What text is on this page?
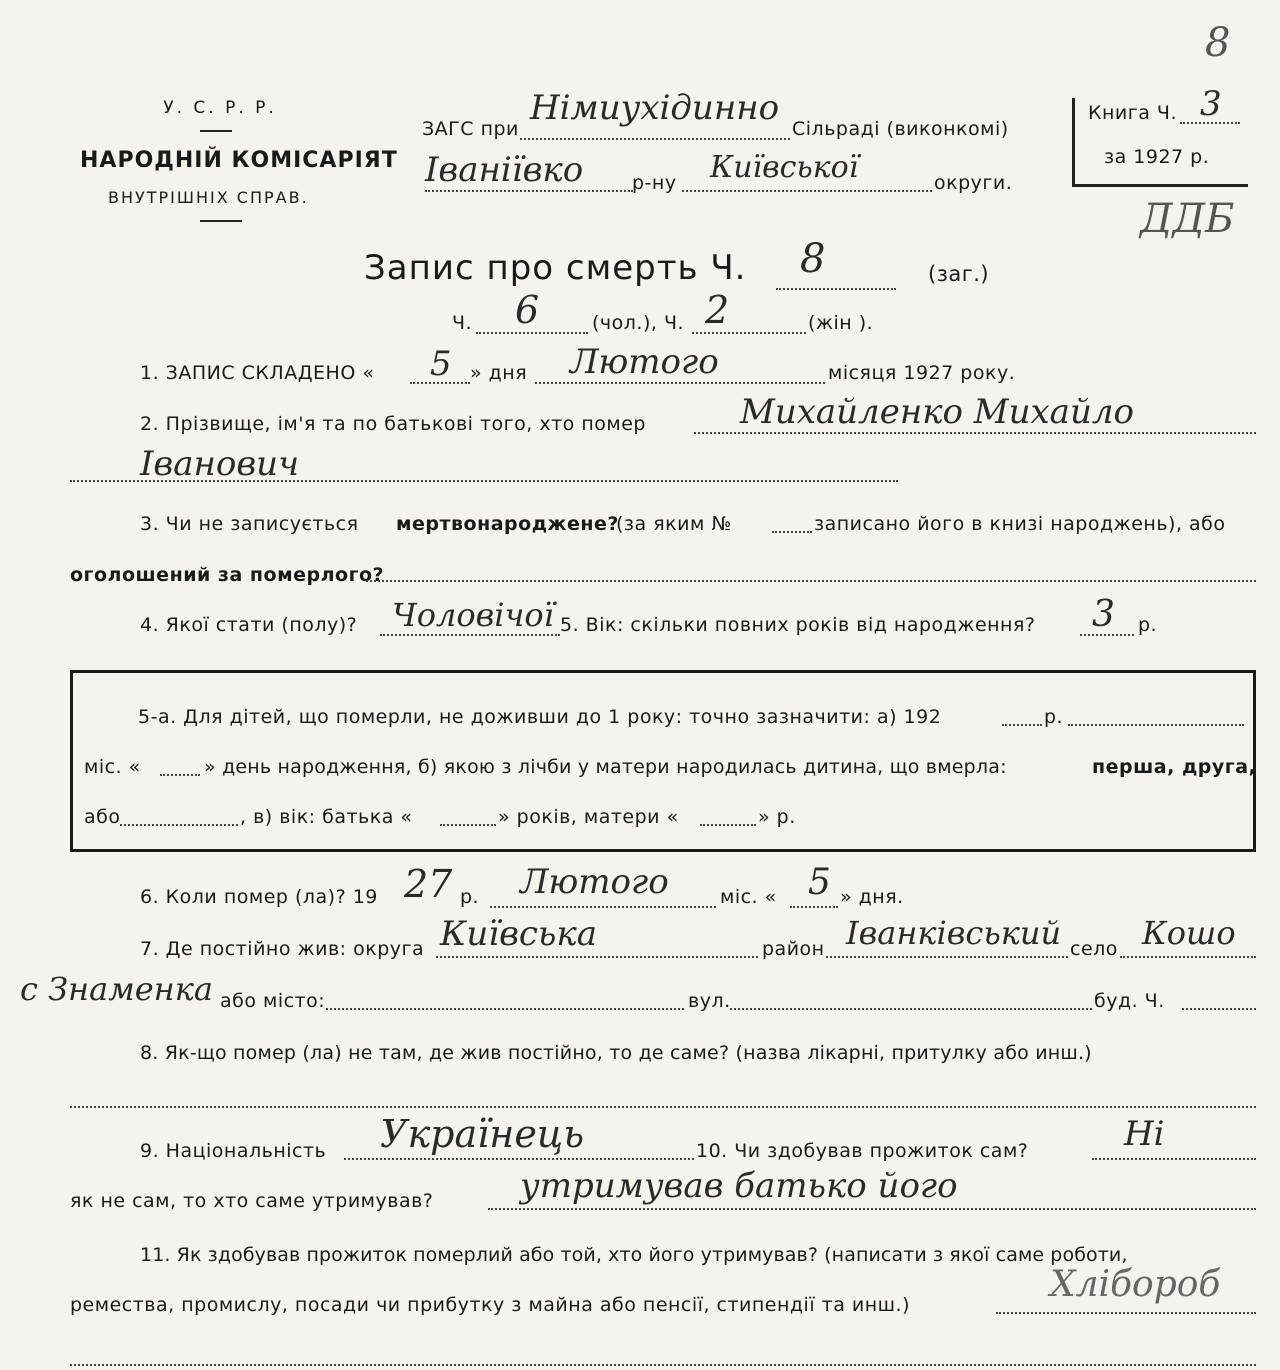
У. С. Р. Р.
НАРОДНІЙ КОМІСАРІЯТ
ВНУТРІШНІХ СПРАВ.
ЗАГС при
Німиухідинно
Сільраді (виконкомі)
Іваніївко	р-ну Київської	округи.
Книга Ч. 3
за 1927 р.
8
ДДБ
Запис про смерть Ч. 8	(заг.)
Ч. 6	(чол.), Ч. 2	(жін ).
1. ЗАПИС СКЛАДЕНО « 5 » дня Лютого	місяця 1927 року.
2. Прізвище, ім'я та по батькові того, хто помер	Михайленко Михайло
Іванович
3. Чи не записується мертвонароджене?
(за яким №	записано його в книзі народжень), або
оголошений за померлого?
4. Якої стати (полу)? Чоловічої 5. Вік: скільки повних років від народження? 3 р.
5-а. Для дітей, що померли, не доживши до 1 року: точно зазначити: а) 192	р.
міс. «	» день народження, б) якою з лічби у матери народилась дитина, що вмерла:	перша, друга,
або	, в) вік: батька «	» років, матери «	» р.
6. Коли помер (ла)? 19 27 р. Лютого	міс. « 5 » дня.
7. Де постійно жив: округа Київська	район Іванківський село Кошо
с Знаменка або місто:	вул.	буд. Ч.
8. Як-що помер (ла) не там, де жив постійно, то де саме? (назва лікарні, притулку або инш.)
9. Національність Українець	10. Чи здобував прожиток сам?	Ні
як не сам, то хто саме утримував?	утримував батько його
11. Як здобував прожиток померлий або той, хто його утримував? (написати з якої саме роботи,
ремества, промислу, посади чи прибутку з майна або пенсії, стипендії та инш.)	Хлібороб
